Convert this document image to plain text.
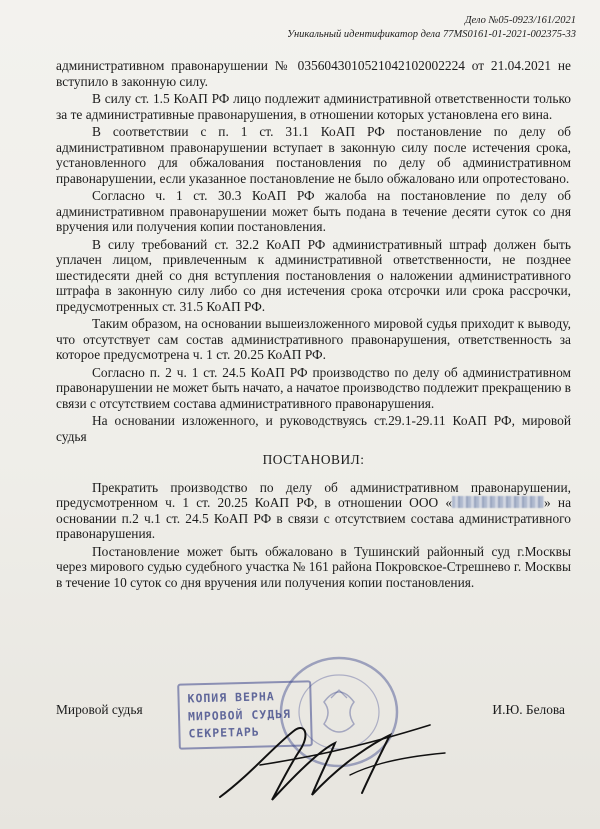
Дело №05-0923/161/2021
Уникальный идентификатор дела 77MS0161-01-2021-002375-33

административном правонарушении № 0356043010521042102002224 от 21.04.2021 не вступило в законную силу.

В силу ст. 1.5 КоАП РФ лицо подлежит административной ответственности только за те административные правонарушения, в отношении которых установлена его вина.

В соответствии с п. 1 ст. 31.1 КоАП РФ постановление по делу об административном правонарушении вступает в законную силу после истечения срока, установленного для обжалования постановления по делу об административном правонарушении, если указанное постановление не было обжаловано или опротестовано.

Согласно ч. 1 ст. 30.3 КоАП РФ жалоба на постановление по делу об административном правонарушении может быть подана в течение десяти суток со дня вручения или получения копии постановления.

В силу требований ст. 32.2 КоАП РФ административный штраф должен быть уплачен лицом, привлеченным к административной ответственности, не позднее шестидесяти дней со дня вступления постановления о наложении административного штрафа в законную силу либо со дня истечения срока отсрочки или срока рассрочки, предусмотренных ст. 31.5 КоАП РФ.

Таким образом, на основании вышеизложенного мировой судья приходит к выводу, что отсутствует сам состав административного правонарушения, ответственность за которое предусмотрена ч. 1 ст. 20.25 КоАП РФ.

Согласно п. 2 ч. 1 ст. 24.5 КоАП РФ производство по делу об административном правонарушении не может быть начато, а начатое производство подлежит прекращению в связи с отсутствием состава административного правонарушения.

На основании изложенного, и руководствуясь ст.29.1-29.11 КоАП РФ, мировой судья

ПОСТАНОВИЛ:

Прекратить производство по делу об административном правонарушении, предусмотренном ч. 1 ст. 20.25 КоАП РФ, в отношении ООО «	» на основании п.2 ч.1 ст. 24.5 КоАП РФ в связи с отсутствием состава административного правонарушения.

Постановление может быть обжаловано в Тушинский районный суд г.Москвы через мирового судью судебного участка № 161 района Покровское-Стрешнево г. Москвы в течение 10 суток со дня вручения или получения копии постановления.

Мировой судья	И.Ю. Белова
КОПИЯ ВЕРНА
МИРОВОЙ СУДЬЯ
СЕКРЕТАРЬ
